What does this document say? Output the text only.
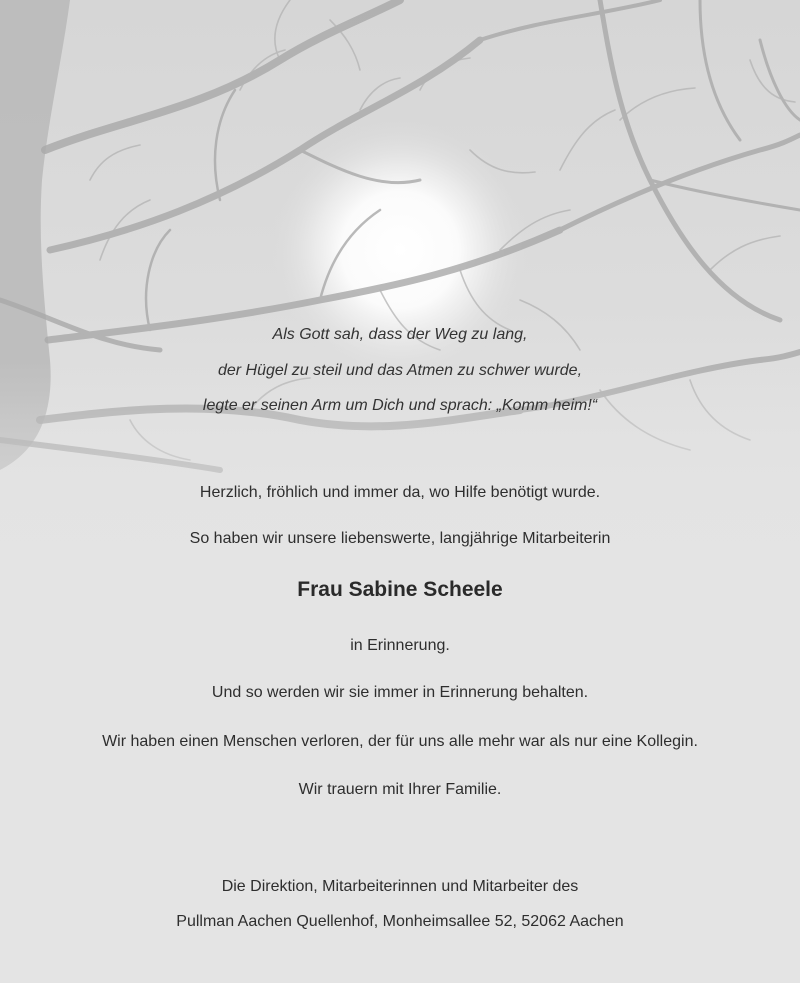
Als Gott sah, dass der Weg zu lang,
der Hügel zu steil und das Atmen zu schwer wurde,
legte er seinen Arm um Dich und sprach: „Komm heim!“
Herzlich, fröhlich und immer da, wo Hilfe benötigt wurde.
So haben wir unsere liebenswerte, langjährige Mitarbeiterin
Frau Sabine Scheele
in Erinnerung.
Und so werden wir sie immer in Erinnerung behalten.
Wir haben einen Menschen verloren, der für uns alle mehr war als nur eine Kollegin.
Wir trauern mit Ihrer Familie.
Die Direktion, Mitarbeiterinnen und Mitarbeiter des
Pullman Aachen Quellenhof, Monheimsallee 52, 52062 Aachen
